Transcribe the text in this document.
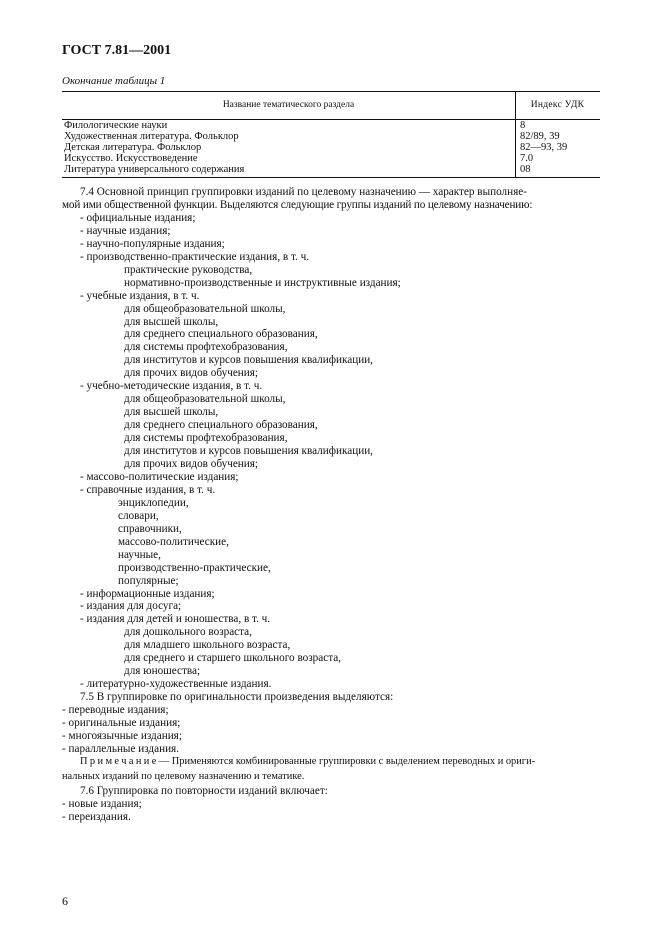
ГОСТ 7.81—2001
Окончание таблицы 1
Название тематического раздела	Индекс УДК
Филологические науки	8
Художественная литература. Фольклор	82/89, 39
Детская литература. Фольклор	82—93, 39
Искусство. Искусствоведение	7.0
Литература универсального содержания	08
7.4 Основной принцип группировки изданий по целевому назначению — характер выполняе-
мой ими общественной функции. Выделяются следующие группы изданий по целевому назначению:
- официальные издания;
- научные издания;
- научно-популярные издания;
- производственно-практические издания, в т. ч.
практические руководства,
нормативно-производственные и инструктивные издания;
- учебные издания, в т. ч.
для общеобразовательной школы,
для высшей школы,
для среднего специального образования,
для системы профтехобразования,
для институтов и курсов повышения квалификации,
для прочих видов обучения;
- учебно-методические издания, в т. ч.
для общеобразовательной школы,
для высшей школы,
для среднего специального образования,
для системы профтехобразования,
для институтов и курсов повышения квалификации,
для прочих видов обучения;
- массово-политические издания;
- справочные издания, в т. ч.
энциклопедии,
словари,
справочники,
массово-политические,
научные,
производственно-практические,
популярные;
- информационные издания;
- издания для досуга;
- издания для детей и юношества, в т. ч.
для дошкольного возраста,
для младшего школьного возраста,
для среднего и старшего школьного возраста,
для юношества;
- литературно-художественные издания.
7.5 В группировке по оригинальности произведения выделяются:
- переводные издания;
- оригинальные издания;
- многоязычные издания;
- параллельные издания.
Примечание— Применяются комбинированные группировки с выделением переводных и ориги-
нальных изданий по целевому назначению и тематике.
7.6 Группировка по повторности изданий включает:
- новые издания;
- переиздания.
6
